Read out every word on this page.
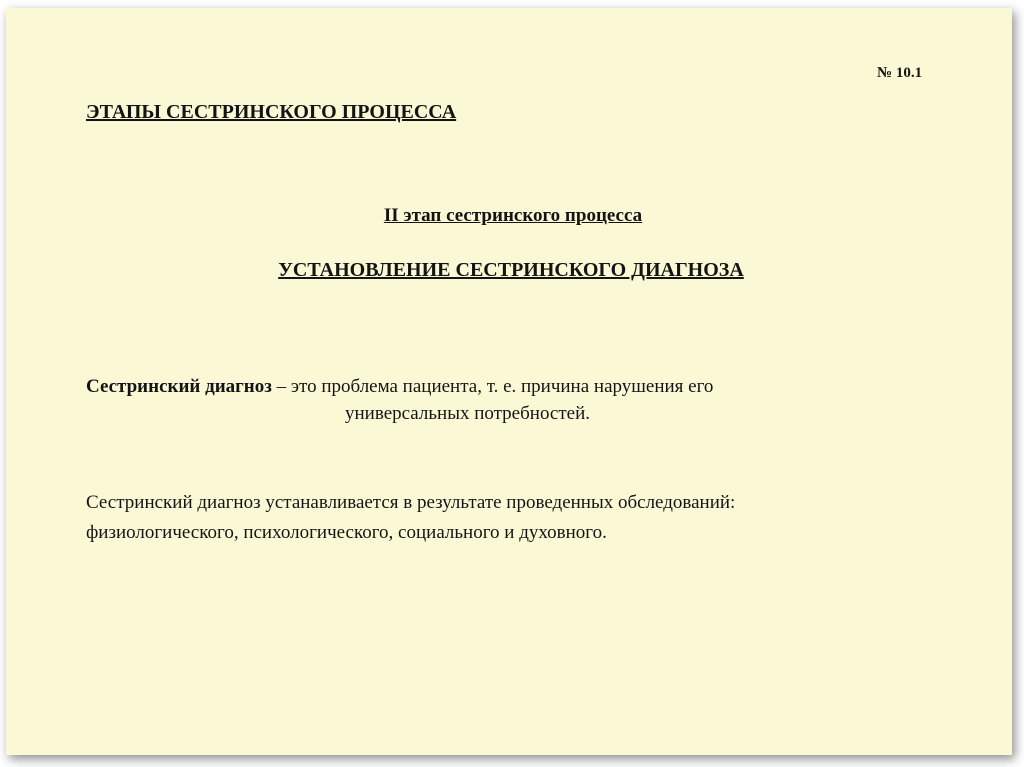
№ 10.1
ЭТАПЫ СЕСТРИНСКОГО ПРОЦЕССА
II этап сестринского процесса
УСТАНОВЛЕНИЕ СЕСТРИНСКОГО ДИАГНОЗА
Сестринский диагноз – это проблема пациента, т. е. причина нарушения его
универсальных потребностей.
Сестринский диагноз устанавливается в результате проведенных обследований:
физиологического, психологического, социального и духовного.
